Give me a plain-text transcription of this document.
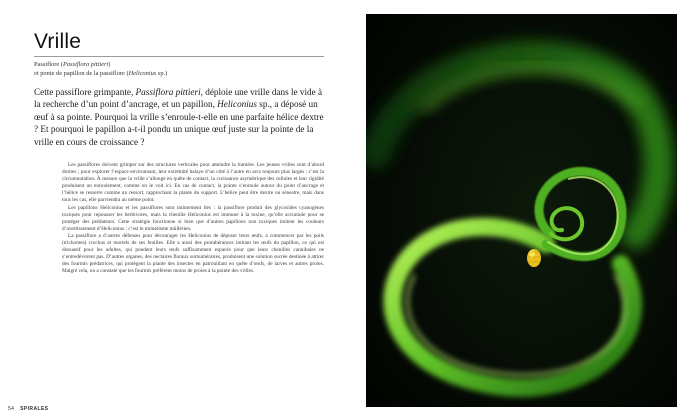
Vrille
Passiflore (Passiflora pittieri)
et ponte de papillon de la passiflore (Heliconius sp.)
Cette passiflore grimpante, Passiflora pittieri, déploie une vrille dans le vide à la recherche d’un point d’ancrage, et un papillon, Heliconius sp., a déposé un œuf à sa pointe. Pourquoi la vrille s’enroule-t-elle en une parfaite hélice dextre ? Et pourquoi le papillon a-t-il pondu un unique œuf juste sur la pointe de la vrille en cours de croissance ?

Les passiflores doivent grimper sur des structures verticales pour atteindre la lumière. Les jeunes vrilles sont d’abord droites ; pour explorer l’espace environnant, leur extrémité balaye d’un côté à l’autre en arcs toujours plus larges : c’est la circumnutation. À mesure que la vrille s’allonge en quête de contact, la croissance asymétrique des cellules et leur rigidité produisent un enroulement, comme on le voit ici. En cas de contact, la pointe s’enroule autour du point d’ancrage et l’hélice se resserre comme un ressort, rapprochant la plante du support. L’hélice peut être dextre ou sénestre, mais dans tous les cas, elle parviendra au même point.

Les papillons Heliconius et les passiflores sont intimement liés : la passiflore produit des glycosides cyanogènes toxiques pour repousser les herbivores, mais la chenille Heliconius est immune à la toxine, qu’elle accumule pour se protéger des prédateurs. Cette stratégie fonctionne si bien que d’autres papillons non toxiques imitent les couleurs d’avertissement d’Heliconius : c’est le mimétisme müllérien.

La passiflore a d’autres défenses pour décourager les Heliconius de déposer leurs œufs, à commencer par les poils (trichomes) crochus et mortels de ses feuilles. Elle a aussi des protubérances imitant les œufs du papillon, ce qui est dissuasif pour les adultes, qui pondent leurs œufs suffisamment espacés pour que leurs chenilles cannibales ne s’entredévorent pas. D’autres organes, des nectaires floraux surnuméraires, produisent une solution sucrée destinée à attirer des fourmis prédatrices, qui protègent la plante des insectes en patrouillant en quête d’œufs, de larves et autres proies. Malgré cela, on a constaté que les fourmis préfèrent moins de proies à la pointe des vrilles.

54 SPIRALES
